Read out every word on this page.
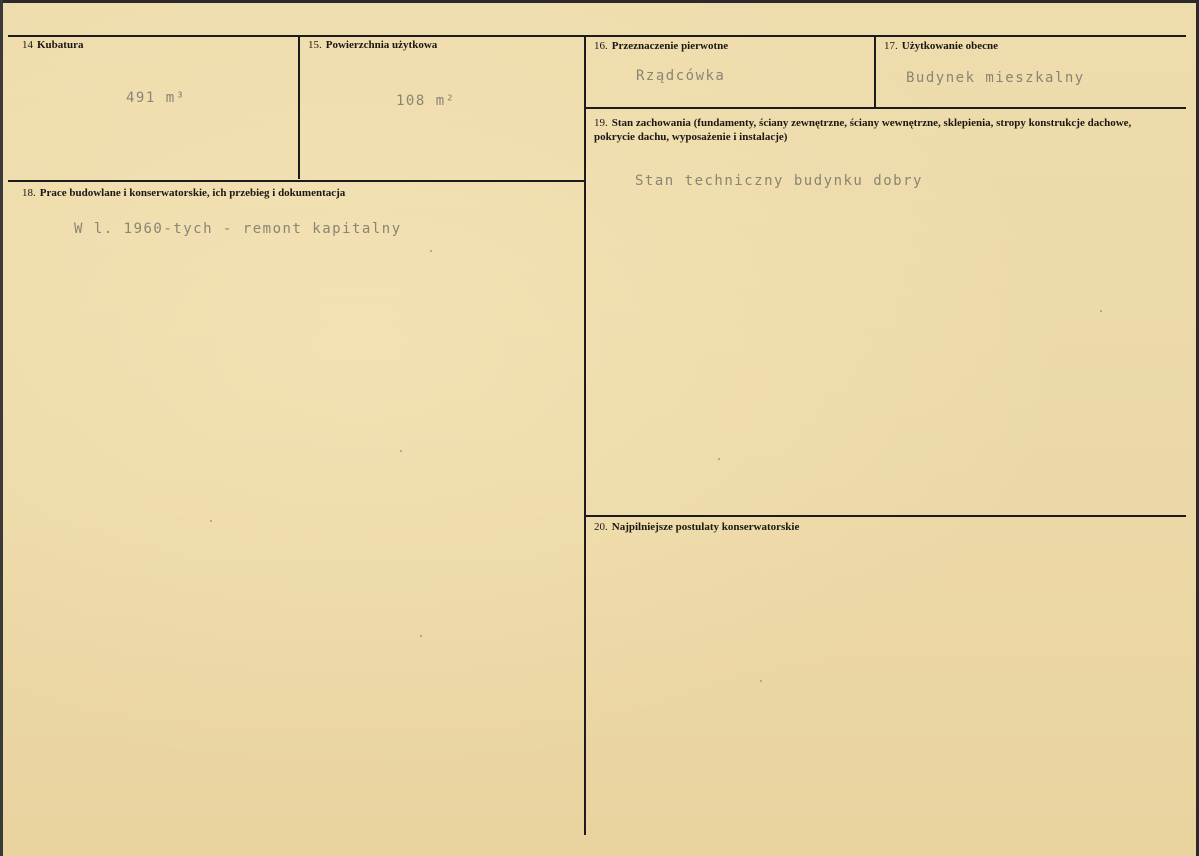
14 Kubatura
491 m³
15. Powierzchnia użytkowa
108 m²
16. Przeznaczenie pierwotne
Rządcówka
17. Użytkowanie obecne
Budynek mieszkalny
19. Stan zachowania (fundamenty, ściany zewnętrzne, ściany wewnętrzne, sklepienia, stropy konstrukcje dachowe, pokrycie dachu, wyposażenie i instalacje)
Stan techniczny budynku dobry
18. Prace budowlane i konserwatorskie, ich przebieg i dokumentacja
W l. 1960-tych - remont kapitalny
20. Najpilniejsze postulaty konserwatorskie
